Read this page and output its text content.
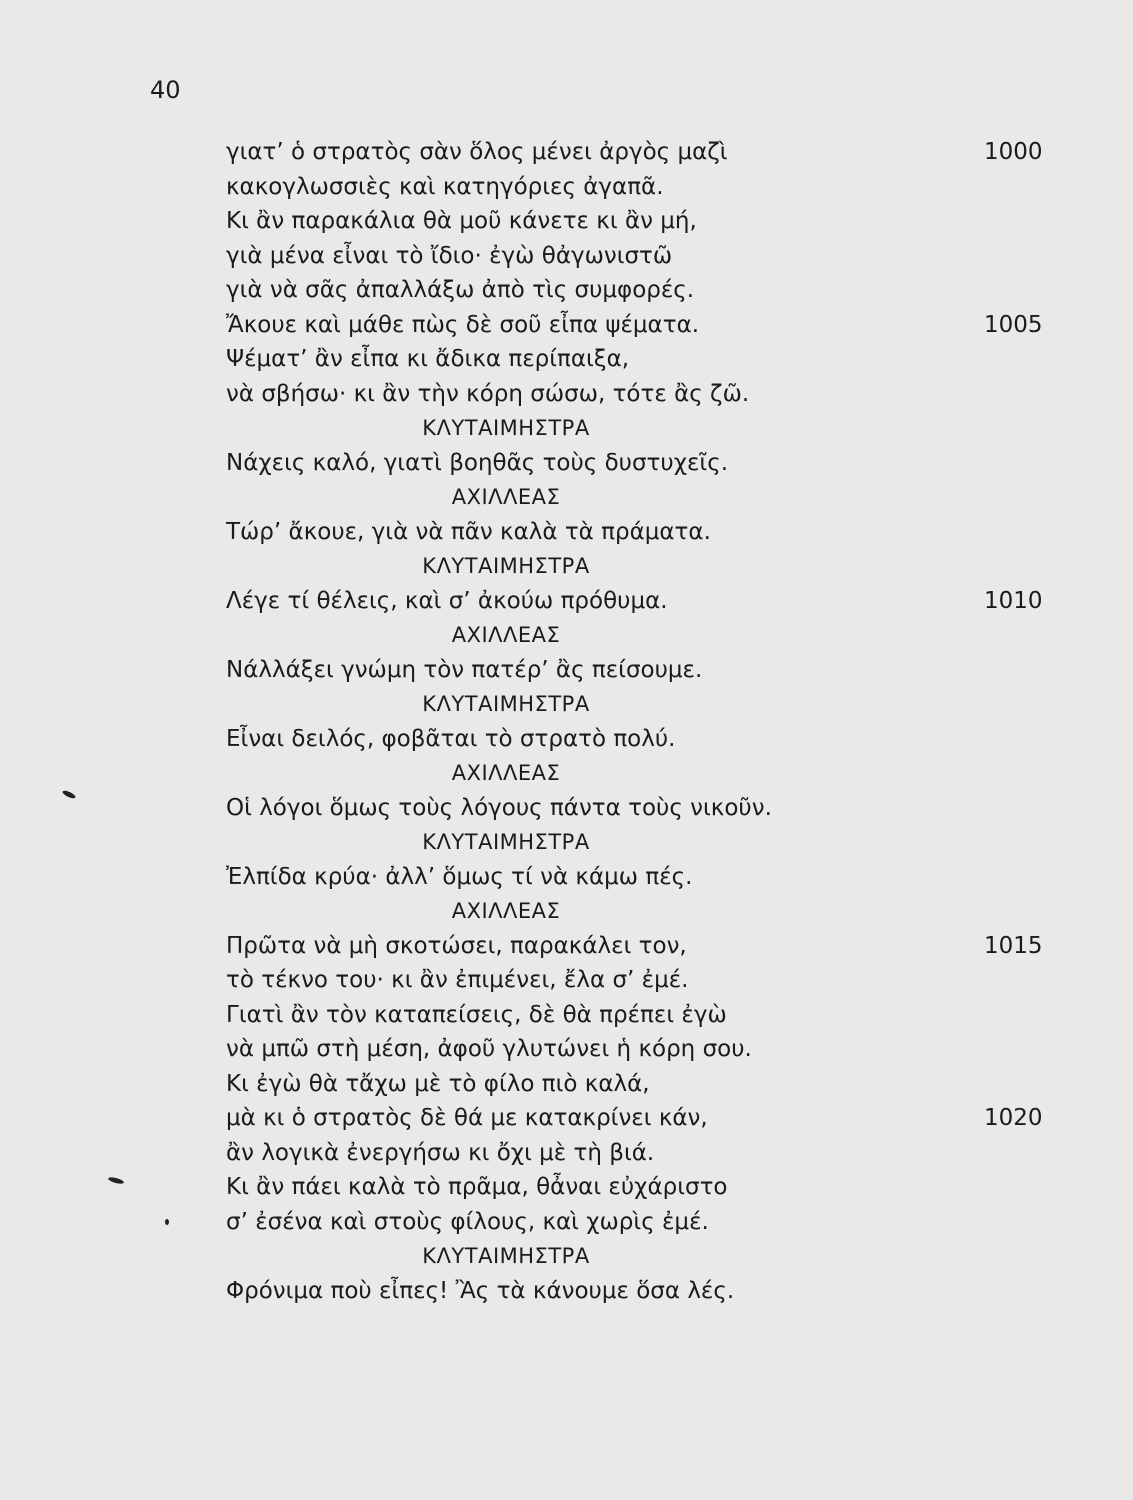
40
γιατ’ ὁ στρατὸς σὰν ὅλος μένει ἀργὸς μαζὶ	1000
κακογλωσσιὲς καὶ κατηγόριες ἀγαπᾶ.
Κι ἂν παρακάλια θὰ μοῦ κάνετε κι ἂν μή,
γιὰ μένα εἶναι τὸ ἴδιο· ἐγὼ θἀγωνιστῶ
γιὰ νὰ σᾶς ἀπαλλάξω ἀπὸ τὶς συμφορές.
Ἄκουε καὶ μάθε πὼς δὲ σοῦ εἶπα ψέματα.	1005
Ψέματ’ ἂν εἶπα κι ἄδικα περίπαιξα,
νὰ σβήσω· κι ἂν τὴν κόρη σώσω, τότε ἂς ζῶ.
ΚΛΥΤΑΙΜΗΣΤΡΑ
Νάχεις καλό, γιατὶ βοηθᾶς τοὺς δυστυχεῖς.
ΑΧΙΛΛΕΑΣ
Τώρ’ ἄκουε, γιὰ νὰ πᾶν καλὰ τὰ πράματα.
ΚΛΥΤΑΙΜΗΣΤΡΑ
Λέγε τί θέλεις, καὶ σ’ ἀκούω πρόθυμα.	1010
ΑΧΙΛΛΕΑΣ
Νάλλάξει γνώμη τὸν πατέρ’ ἂς πείσουμε.
ΚΛΥΤΑΙΜΗΣΤΡΑ
Εἶναι δειλός, φοβᾶται τὸ στρατὸ πολύ.
ΑΧΙΛΛΕΑΣ
Οἱ λόγοι ὅμως τοὺς λόγους πάντα τοὺς νικοῦν.
ΚΛΥΤΑΙΜΗΣΤΡΑ
Ἐλπίδα κρύα· ἀλλ’ ὅμως τί νὰ κάμω πές.
ΑΧΙΛΛΕΑΣ
Πρῶτα νὰ μὴ σκοτώσει, παρακάλει τον,	1015
τὸ τέκνο του· κι ἂν ἐπιμένει, ἔλα σ’ ἐμέ.
Γιατὶ ἂν τὸν καταπείσεις, δὲ θὰ πρέπει ἐγὼ
νὰ μπῶ στὴ μέση, ἀφοῦ γλυτώνει ἡ κόρη σου.
Κι ἐγὼ θὰ τἄχω μὲ τὸ φίλο πιὸ καλά,
μὰ κι ὁ στρατὸς δὲ θά με κατακρίνει κάν,	1020
ἂν λογικὰ ἐνεργήσω κι ὄχι μὲ τὴ βιά.
Κι ἂν πάει καλὰ τὸ πρᾶμα, θἆναι εὐχάριστο
σ’ ἐσένα καὶ στοὺς φίλους, καὶ χωρὶς ἐμέ.
ΚΛΥΤΑΙΜΗΣΤΡΑ
Φρόνιμα ποὺ εἶπες! Ἂς τὰ κάνουμε ὅσα λές.
